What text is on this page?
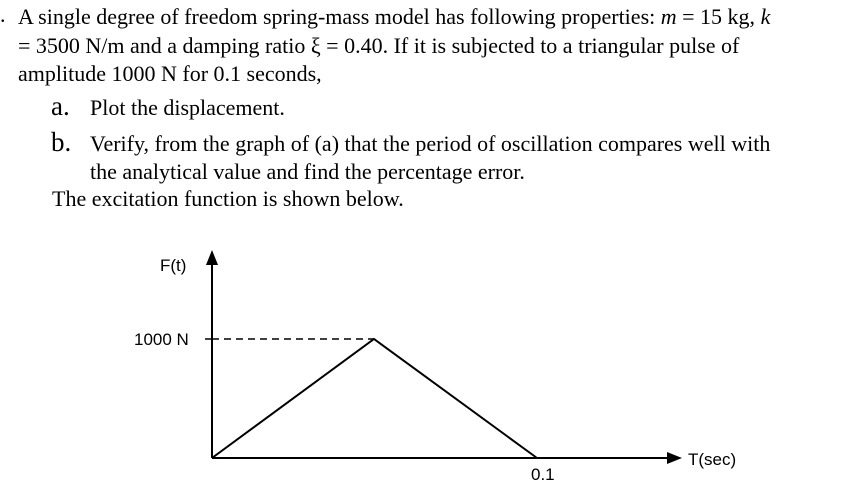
. A single degree of freedom spring-mass model has following properties: m = 15 kg, k
= 3500 N/m and a damping ratio ξ = 0.40. If it is subjected to a triangular pulse of
amplitude 1000 N for 0.1 seconds,
a. Plot the displacement.
b. Verify, from the graph of (a) that the period of oscillation compares well with
the analytical value and find the percentage error.
The excitation function is shown below.
F(t)
1000 N
0.1
T(sec)
